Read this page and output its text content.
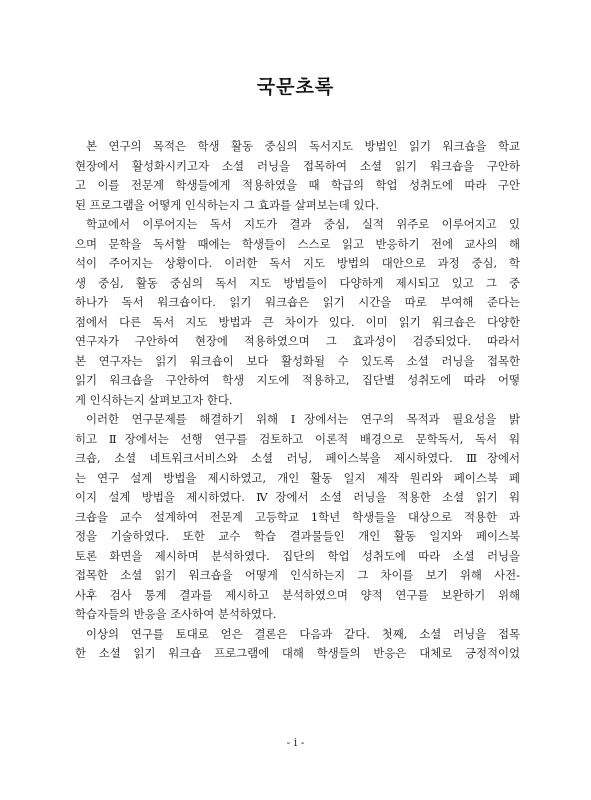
국문초록
본 연구의 목적은 학생 활동 중심의 독서지도 방법인 읽기 워크숍을 학교
현장에서 활성화시키고자 소셜 러닝을 접목하여 소셜 읽기 워크숍을 구안하
고 이를 전문계 학생들에게 적용하였을 때 학급의 학업 성취도에 따라 구안
된 프로그램을 어떻게 인식하는지 그 효과를 살펴보는데 있다.
학교에서 이루어지는 독서 지도가 결과 중심, 실적 위주로 이루어지고 있
으며 문학을 독서할 때에는 학생들이 스스로 읽고 반응하기 전에 교사의 해
석이 주어지는 상황이다. 이러한 독서 지도 방법의 대안으로 과정 중심, 학
생 중심, 활동 중심의 독서 지도 방법들이 다양하게 제시되고 있고 그 중
하나가 독서 워크숍이다. 읽기 워크숍은 읽기 시간을 따로 부여해 준다는
점에서 다른 독서 지도 방법과 큰 차이가 있다. 이미 읽기 워크숍은 다양한
연구자가 구안하여 현장에 적용하였으며 그 효과성이 검증되었다. 따라서
본 연구자는 읽기 워크숍이 보다 활성화될 수 있도록 소셜 러닝을 접목한
읽기 워크숍을 구안하여 학생 지도에 적용하고, 집단별 성취도에 따라 어떻
게 인식하는지 살펴보고자 한다.
이러한 연구문제를 해결하기 위해 Ⅰ장에서는 연구의 목적과 필요성을 밝
히고 Ⅱ장에서는 선행 연구를 검토하고 이론적 배경으로 문학독서, 독서 워
크숍, 소셜 네트워크서비스와 소셜 러닝, 페이스북을 제시하였다. Ⅲ장에서
는 연구 설계 방법을 제시하였고, 개인 활동 일지 제작 원리와 페이스북 페
이지 설계 방법을 제시하였다. Ⅳ장에서 소셜 러닝을 적용한 소셜 읽기 워
크숍을 교수 설계하여 전문계 고등학교 1학년 학생들을 대상으로 적용한 과
정을 기술하였다. 또한 교수 학습 결과물들인 개인 활동 일지와 페이스북
토론 화면을 제시하며 분석하였다. 집단의 학업 성취도에 따라 소셜 러닝을
접목한 소셜 읽기 워크숍을 어떻게 인식하는지 그 차이를 보기 위해 사전-
사후 검사 통계 결과를 제시하고 분석하였으며 양적 연구를 보완하기 위해
학습자들의 반응을 조사하여 분석하였다.
이상의 연구를 토대로 얻은 결론은 다음과 같다. 첫째, 소셜 러닝을 접목
한 소셜 읽기 워크숍 프로그램에 대해 학생들의 반응은 대체로 긍정적이었
- i -
